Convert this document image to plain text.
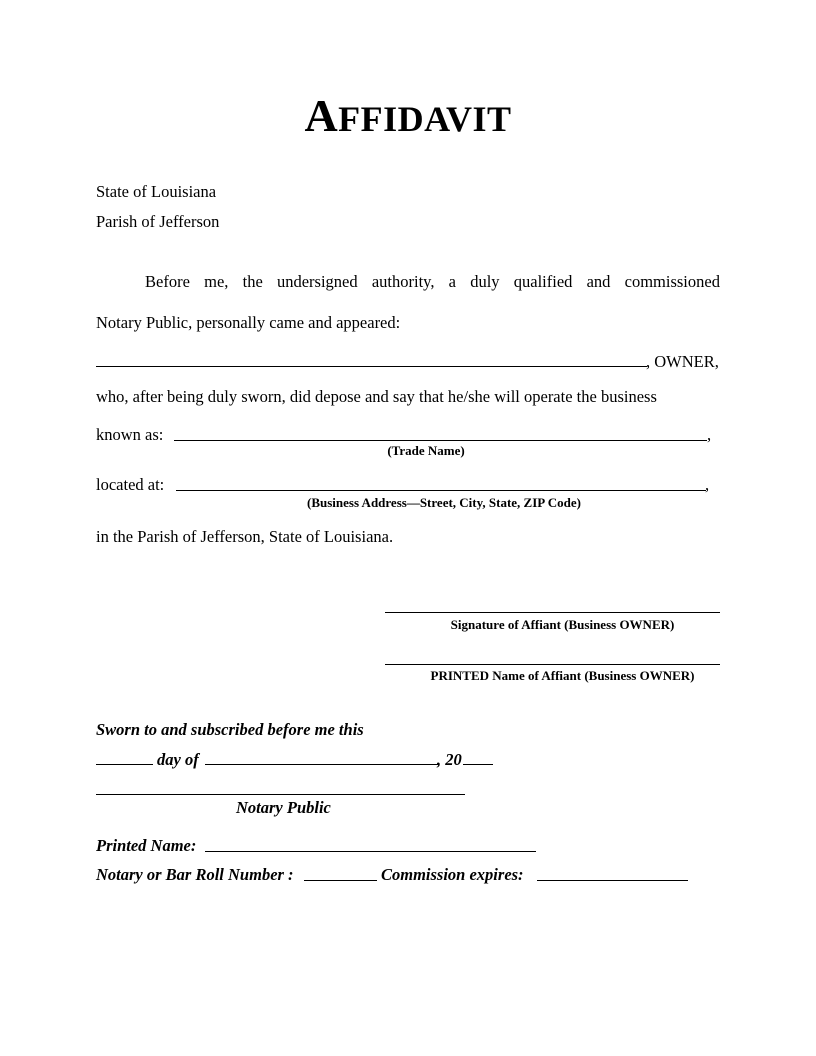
AFFIDAVIT
State of Louisiana
Parish of Jefferson
Before me, the undersigned authority, a duly qualified and commissioned
Notary Public, personally came and appeared:
, OWNER,
who, after being duly sworn, did depose and say that he/she will operate the business
known as:	,
(Trade Name)
located at:	,
(Business Address—Street, City, State, ZIP Code)
in the Parish of Jefferson, State of Louisiana.
Signature of Affiant (Business OWNER)
PRINTED Name of Affiant (Business OWNER)
Sworn to and subscribed before me this
day of	, 20
Notary Public
Printed Name:
Notary or Bar Roll Number :	Commission expires:
